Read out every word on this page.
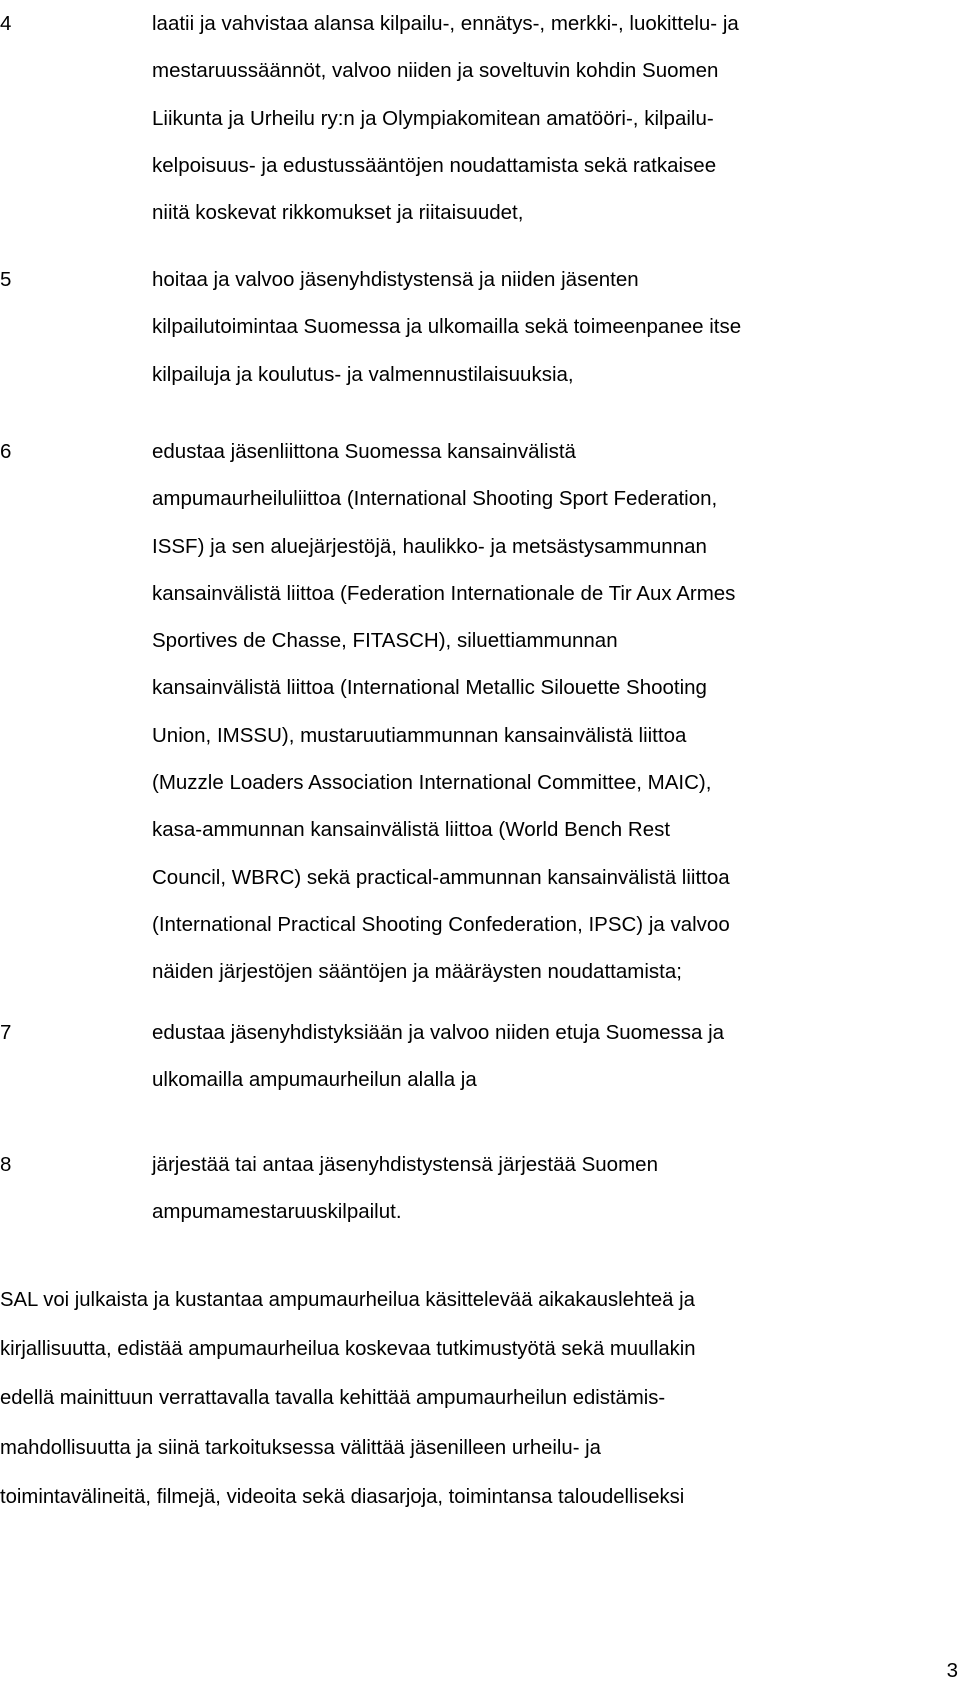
4	laatii ja vahvistaa alansa kilpailu-, ennätys-, merkki-, luokittelu- ja
mestaruussäännöt, valvoo niiden ja soveltuvin kohdin Suomen
Liikunta ja Urheilu ry:n ja Olympiakomitean amatööri-, kilpailu-
kelpoisuus- ja edustussääntöjen noudattamista sekä ratkaisee
niitä koskevat rikkomukset ja riitaisuudet,
5	hoitaa ja valvoo jäsenyhdistystensä ja niiden jäsenten
kilpailutoimintaa Suomessa ja ulkomailla sekä toimeenpanee itse
kilpailuja ja koulutus- ja valmennustilaisuuksia,
6	edustaa jäsenliittona Suomessa kansainvälistä
ampumaurheiluliittoa (International Shooting Sport Federation,
ISSF) ja sen aluejärjestöjä, haulikko- ja metsästysammunnan
kansainvälistä liittoa (Federation Internationale de Tir Aux Armes
Sportives de Chasse, FITASCH), siluettiammunnan
kansainvälistä liittoa (International Metallic Silouette Shooting
Union, IMSSU), mustaruutiammunnan kansainvälistä liittoa
(Muzzle Loaders Association International Committee, MAIC),
kasa-ammunnan kansainvälistä liittoa (World Bench Rest
Council, WBRC) sekä practical-ammunnan kansainvälistä liittoa
(International Practical Shooting Confederation, IPSC) ja valvoo
näiden järjestöjen sääntöjen ja määräysten noudattamista;
7	edustaa jäsenyhdistyksiään ja valvoo niiden etuja Suomessa ja
ulkomailla ampumaurheilun alalla ja
8	järjestää tai antaa jäsenyhdistystensä järjestää Suomen
ampumamestaruuskilpailut.
SAL voi julkaista ja kustantaa ampumaurheilua käsittelevää aikakauslehteä ja
kirjallisuutta, edistää ampumaurheilua koskevaa tutkimustyötä sekä muullakin
edellä mainittuun verrattavalla tavalla kehittää ampumaurheilun edistämis-
mahdollisuutta ja siinä tarkoituksessa välittää jäsenilleen urheilu- ja
toimintavälineitä, filmejä, videoita sekä diasarjoja, toimintansa taloudelliseksi
3
